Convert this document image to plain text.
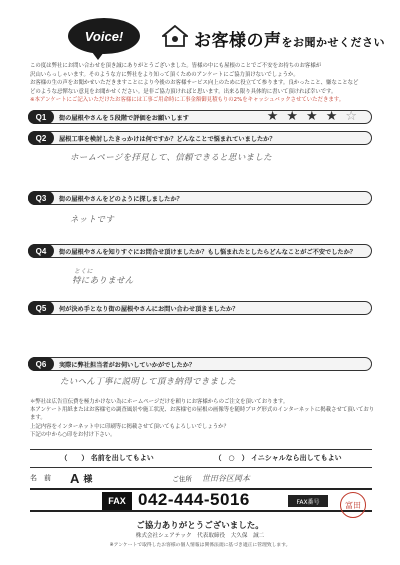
Voice!	お客様の声をお聞かせください
この度は弊社にお問い合わせを頂き誠にありがとうございました。皆様の中にも屋根のことでご不安をお持ちのお客様が
沢山いらっしゃいます。そのような方に弊社をより知って頂くためのアンケートにご協力頂けないでしょうか。
お客様の生の声をお聞かせいただきますことにより今後のお客様サービス向上のために役立てて参ります。良かったこと、嫌なことなど
どのような忌憚ない意見をお聞かせください。是非ご協力頂ければと思います。出来る限り具体的に書いて頂ければ幸いです。
※本アンケートにご記入いただけたお客様には工事ご用命時に工事金額御見積もりの2%をキャッシュバックさせていただきます。
Q1	街の屋根やさんを５段階で評価をお願いします	★ ★ ★ ★ ☆
Q2	屋根工事を検討したきっかけは何ですか？どんなことで悩まれていましたか？
ホームページを拝見して、信頼できると思いました
Q3	街の屋根やさんをどのように探しましたか？
ネットです
Q4	街の屋根やさんを知りすぐにお問合せ頂けましたか？もし悩まれたとしたらどんなことがご不安でしたか？
とくに
特にありません
Q5	何が決め手となり街の屋根やさんにお問い合わせ頂きましたか？
Q6	実際に弊社担当者がお伺いしていかがでしたか？
たいへん丁寧に説明して頂き納得できました
＊弊社は広告宣伝費を極力かけない為にホームページだけを頼りにお客様からのご注文を頂いております。
本アンケート用紙またはお客様宅の調査風景や施工状況、お客様宅の屋根の画像等を随時ブログ形式のインターネットに掲載させて頂いております。
上記内容をインターネット中に印刷等に掲載させて頂いてもよろしいでしょうか？
下記の中から○印をお付け下さい。
（　　） 名前を出してもよい	（　○　） イニシャルなら出してもよい
名　前	A 様	ご住所 世田谷区岡本
FAX 042-444-5016	FAX番号	富田
ご協力ありがとうございました。
株式会社シェアテック　代表取締役　大久保　誠二
※アンケートで取得したお客様の個人情報は関係法規に基づき適正に管理致します。
